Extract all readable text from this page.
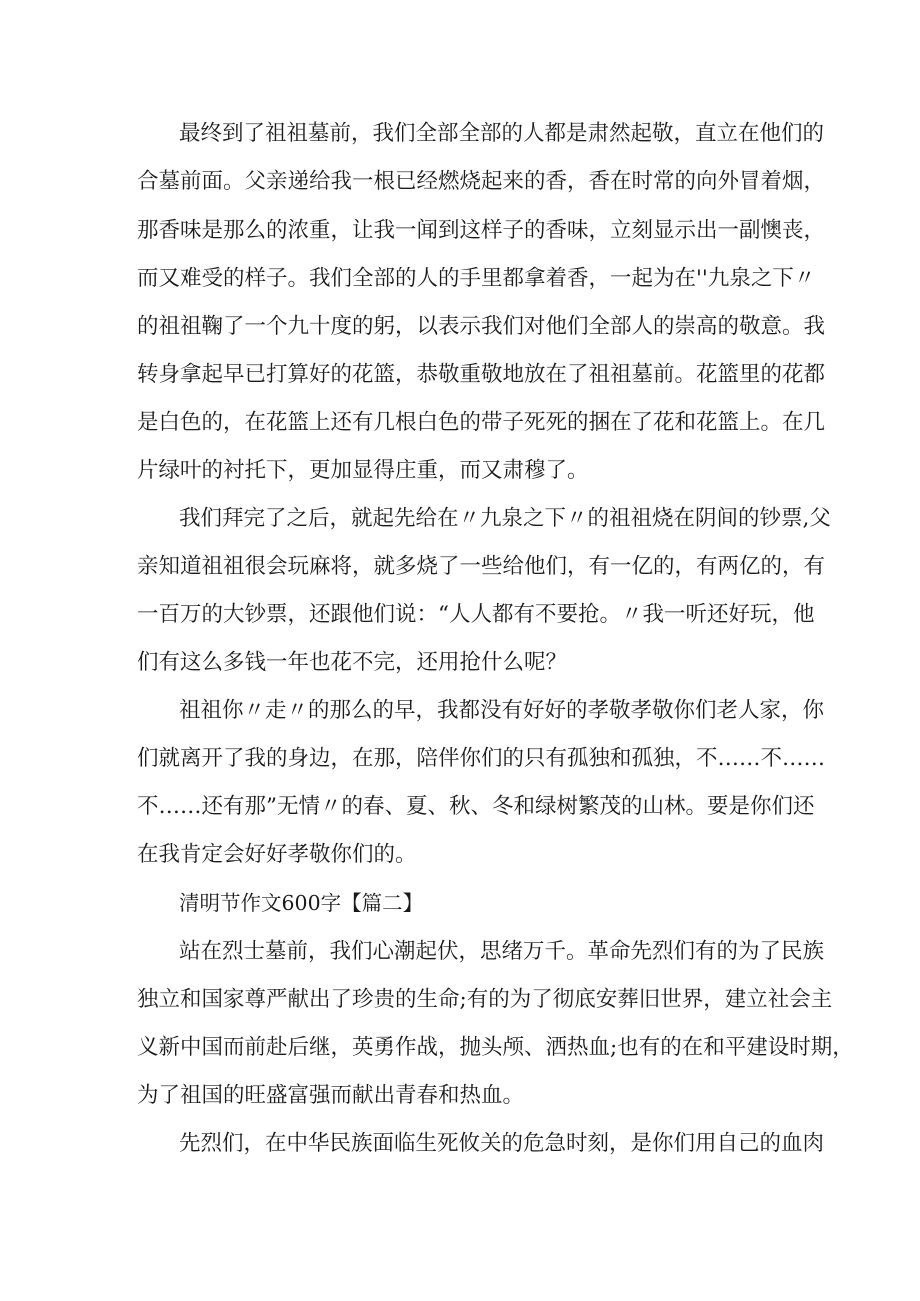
最终到了祖祖墓前，我们全部全部的人都是肃然起敬，直立在他们的
合墓前面。父亲递给我一根已经燃烧起来的香，香在时常的向外冒着烟，
那香味是那么的浓重，让我一闻到这样子的香味，立刻显示出一副懊丧，
而又难受的样子。我们全部的人的手里都拿着香，一起为在''九泉之下〃
的祖祖鞠了一个九十度的躬，以表示我们对他们全部人的崇高的敬意。我
转身拿起早已打算好的花篮，恭敬重敬地放在了祖祖墓前。花篮里的花都
是白色的，在花篮上还有几根白色的带子死死的捆在了花和花篮上。在几
片绿叶的衬托下，更加显得庄重，而又肃穆了。
我们拜完了之后，就起先给在〃九泉之下〃的祖祖烧在阴间的钞票,父
亲知道祖祖很会玩麻将，就多烧了一些给他们，有一亿的，有两亿的，有
一百万的大钞票，还跟他们说：“人人都有不要抢。〃我一听还好玩，他
们有这么多钱一年也花不完，还用抢什么呢？
祖祖你〃走〃的那么的早，我都没有好好的孝敬孝敬你们老人家，你
们就离开了我的身边，在那，陪伴你们的只有孤独和孤独，不……不……
不……还有那”无情〃的春、夏、秋、冬和绿树繁茂的山林。要是你们还
在我肯定会好好孝敬你们的。
清明节作文600字【篇二】
站在烈士墓前，我们心潮起伏，思绪万千。革命先烈们有的为了民族
独立和国家尊严献出了珍贵的生命;有的为了彻底安葬旧世界，建立社会主
义新中国而前赴后继，英勇作战，抛头颅、洒热血;也有的在和平建设时期，
为了祖国的旺盛富强而献出青春和热血。
先烈们，在中华民族面临生死攸关的危急时刻，是你们用自己的血肉
